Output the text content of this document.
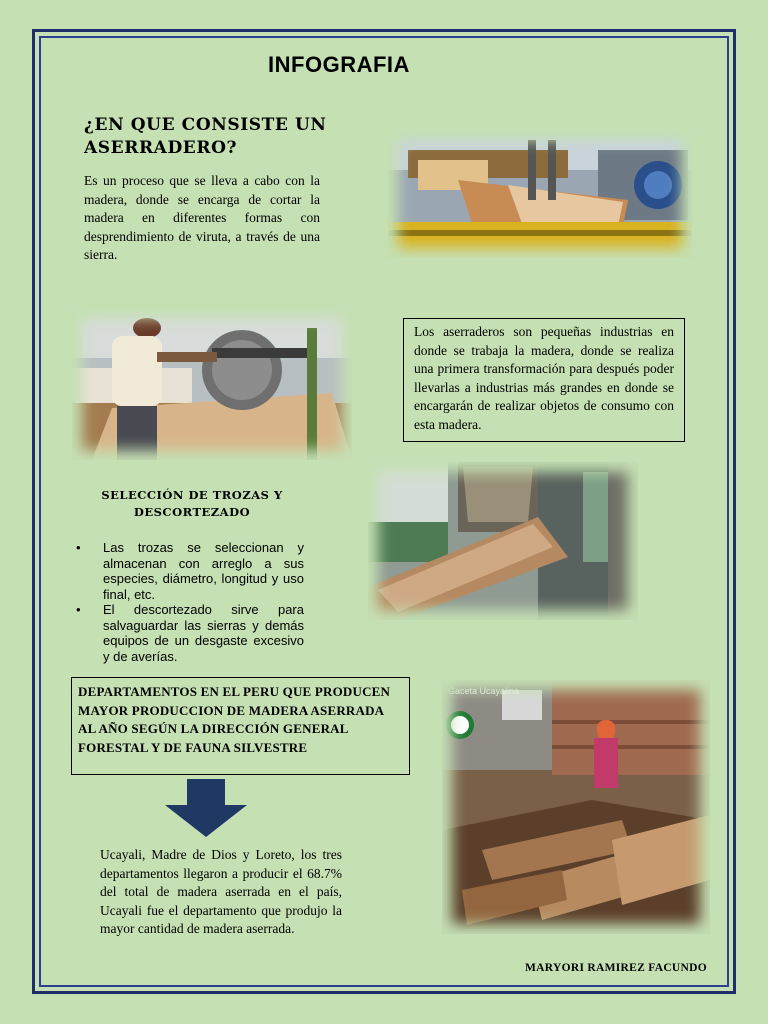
INFOGRAFIA
¿EN QUE CONSISTE UN ASERRADERO?
Es un proceso que se lleva a cabo con la madera, donde se encarga de cortar la madera en diferentes formas con desprendimiento de viruta, a través de una sierra.
Los aserraderos son pequeñas industrias en donde se trabaja la madera, donde se realiza una primera transformación para después poder llevarlas a industrias más grandes en donde se encargarán de realizar objetos de consumo con esta madera.
SELECCIÓN DE TROZAS Y DESCORTEZADO
• Las trozas se seleccionan y almacenan con arreglo a sus especies, diámetro, longitud y uso final, etc.
• El descortezado sirve para salvaguardar las sierras y demás equipos de un desgaste excesivo y de averías.
DEPARTAMENTOS EN EL PERU QUE PRODUCEN MAYOR PRODUCCION DE MADERA ASERRADA AL AÑO SEGÚN LA DIRECCIÓN GENERAL FORESTAL Y DE FAUNA SILVESTRE
Ucayali, Madre de Dios y Loreto, los tres departamentos llegaron a producir el 68.7% del total de madera aserrada en el país, Ucayali fue el departamento que produjo la mayor cantidad de madera aserrada.
Gaceta Ucayalina
MARYORI RAMIREZ FACUNDO
